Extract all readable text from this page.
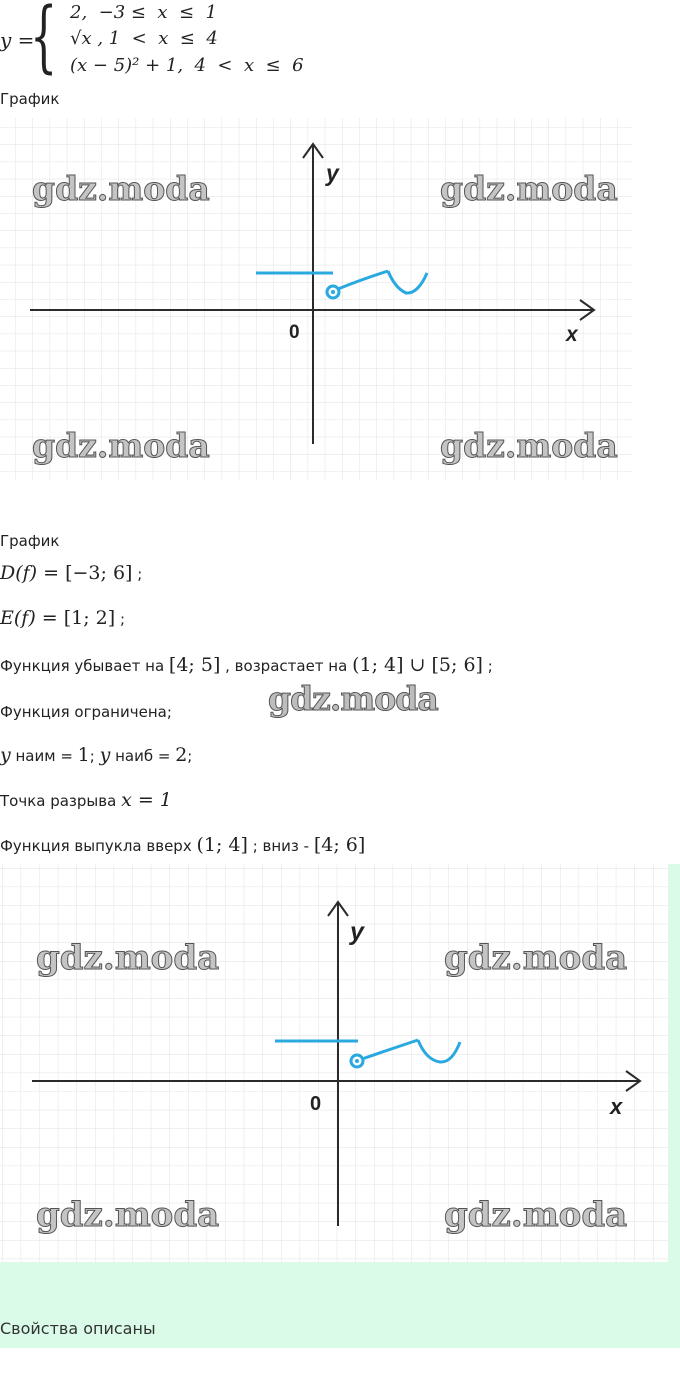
y =
{ 2,  −3 ≤  x  ≤  1
√x , 1  <  x  ≤  4
(x − 5)² + 1,  4  <  x  ≤  6
График
x
y
0
gdz.moda	gdz.moda
gdz.moda	gdz.moda
График
D(f) = [−3; 6] ;
E(f) = [1; 2] ;
Функция убывает на [4; 5] , возрастает на (1; 4] ∪ [5; 6] ;
Функция ограничена;	gdz.moda
y наим = 1; y наиб = 2;
Точка разрыва x = 1
Функция выпукла вверх (1; 4] ; вниз - [4; 6]
x
y
0
gdz.moda	gdz.moda
gdz.moda	gdz.moda
Свойства описаны
